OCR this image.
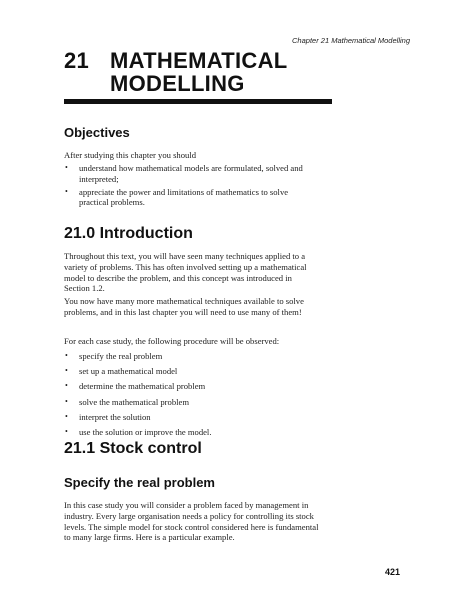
Chapter 21 Mathematical Modelling
21 MATHEMATICAL
MODELLING
Objectives

After studying this chapter you should

• understand how mathematical models are formulated, solved and interpreted;
• appreciate the power and limitations of mathematics to solve practical problems.
21.0 Introduction

Throughout this text, you will have seen many techniques applied to a variety of problems. This has often involved setting up a mathematical model to describe the problem, and this concept was introduced in Section 1.2.

You now have many more mathematical techniques available to solve problems, and in this last chapter you will need to use many of them!

For each case study, the following procedure will be observed:

• specify the real problem
• set up a mathematical model
• determine the mathematical problem
• solve the mathematical problem
• interpret the solution
• use the solution or improve the model.
21.1 Stock control
Specify the real problem

In this case study you will consider a problem faced by management in industry. Every large organisation needs a policy for controlling its stock levels. The simple model for stock control considered here is fundamental to many large firms. Here is a particular example.

421
